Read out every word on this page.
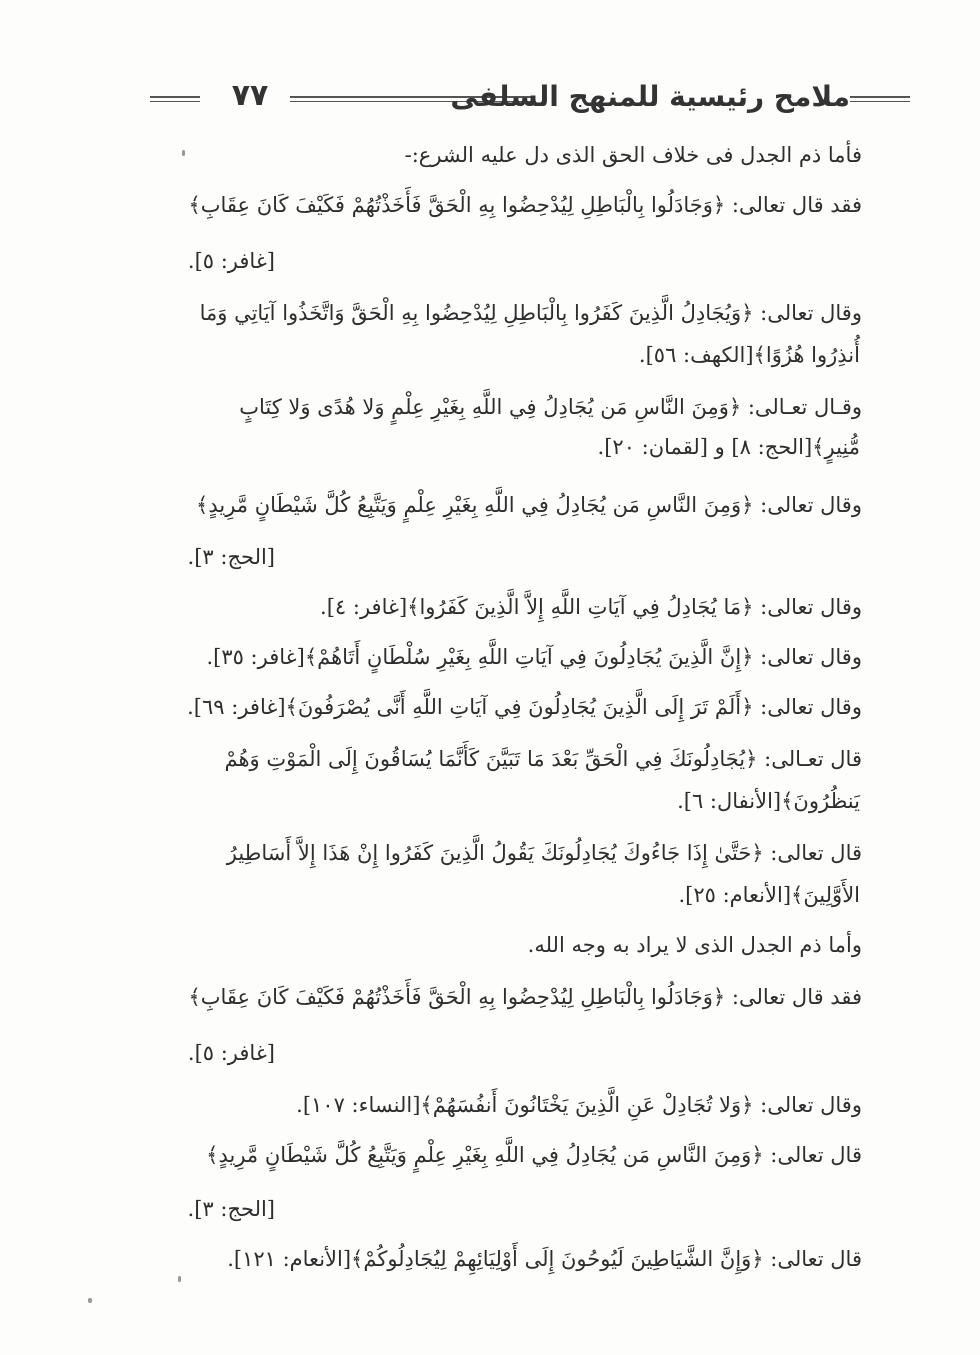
٧٧	ملامح رئيسية للمنهج السلفى
فأما ذم الجدل فى خلاف الحق الذى دل عليه الشرع:-
فقد قال تعالى: ﴿وَجَادَلُوا بِالْبَاطِلِ لِيُدْحِضُوا بِهِ الْحَقَّ فَأَخَذْتُهُمْ فَكَيْفَ كَانَ عِقَابِ﴾
[غافر: ٥].
وقال تعالى: ﴿وَيُجَادِلُ الَّذِينَ كَفَرُوا بِالْبَاطِلِ لِيُدْحِضُوا بِهِ الْحَقَّ وَاتَّخَذُوا آيَاتِي وَمَا
أُنذِرُوا هُزُوًا﴾[الكهف: ٥٦].
وقـال تعـالى: ﴿وَمِنَ النَّاسِ مَن يُجَادِلُ فِي اللَّهِ بِغَيْرِ عِلْمٍ وَلا هُدًى وَلا كِتَابٍ
مُّنِيرٍ﴾[الحج: ٨] و [لقمان: ٢٠].
وقال تعالى: ﴿وَمِنَ النَّاسِ مَن يُجَادِلُ فِي اللَّهِ بِغَيْرِ عِلْمٍ وَيَتَّبِعُ كُلَّ شَيْطَانٍ مَّرِيدٍ﴾
[الحج: ٣].
وقال تعالى: ﴿مَا يُجَادِلُ فِي آيَاتِ اللَّهِ إِلاَّ الَّذِينَ كَفَرُوا﴾[غافر: ٤].
وقال تعالى: ﴿إِنَّ الَّذِينَ يُجَادِلُونَ فِي آيَاتِ اللَّهِ بِغَيْرِ سُلْطَانٍ أَتَاهُمْ﴾[غافر: ٣٥].
وقال تعالى: ﴿أَلَمْ تَرَ إِلَى الَّذِينَ يُجَادِلُونَ فِي آيَاتِ اللَّهِ أَنَّى يُصْرَفُونَ﴾[غافر: ٦٩].
قال تعـالى: ﴿يُجَادِلُونَكَ فِي الْحَقِّ بَعْدَ مَا تَبَيَّنَ كَأَنَّمَا يُسَاقُونَ إِلَى الْمَوْتِ وَهُمْ
يَنظُرُونَ﴾[الأنفال: ٦].
قال تعالى: ﴿حَتَّىٰ إِذَا جَاءُوكَ يُجَادِلُونَكَ يَقُولُ الَّذِينَ كَفَرُوا إِنْ هَذَا إِلاَّ أَسَاطِيرُ
الأَوَّلِينَ﴾[الأنعام: ٢٥].
وأما ذم الجدل الذى لا يراد به وجه الله.
فقد قال تعالى: ﴿وَجَادَلُوا بِالْبَاطِلِ لِيُدْحِضُوا بِهِ الْحَقَّ فَأَخَذْتُهُمْ فَكَيْفَ كَانَ عِقَابِ﴾
[غافر: ٥].
وقال تعالى: ﴿وَلا تُجَادِلْ عَنِ الَّذِينَ يَخْتَانُونَ أَنفُسَهُمْ﴾[النساء: ١٠٧].
قال تعالى: ﴿وَمِنَ النَّاسِ مَن يُجَادِلُ فِي اللَّهِ بِغَيْرِ عِلْمٍ وَيَتَّبِعُ كُلَّ شَيْطَانٍ مَّرِيدٍ﴾
[الحج: ٣].
قال تعالى: ﴿وَإِنَّ الشَّيَاطِينَ لَيُوحُونَ إِلَى أَوْلِيَائِهِمْ لِيُجَادِلُوكُمْ﴾[الأنعام: ١٢١].
